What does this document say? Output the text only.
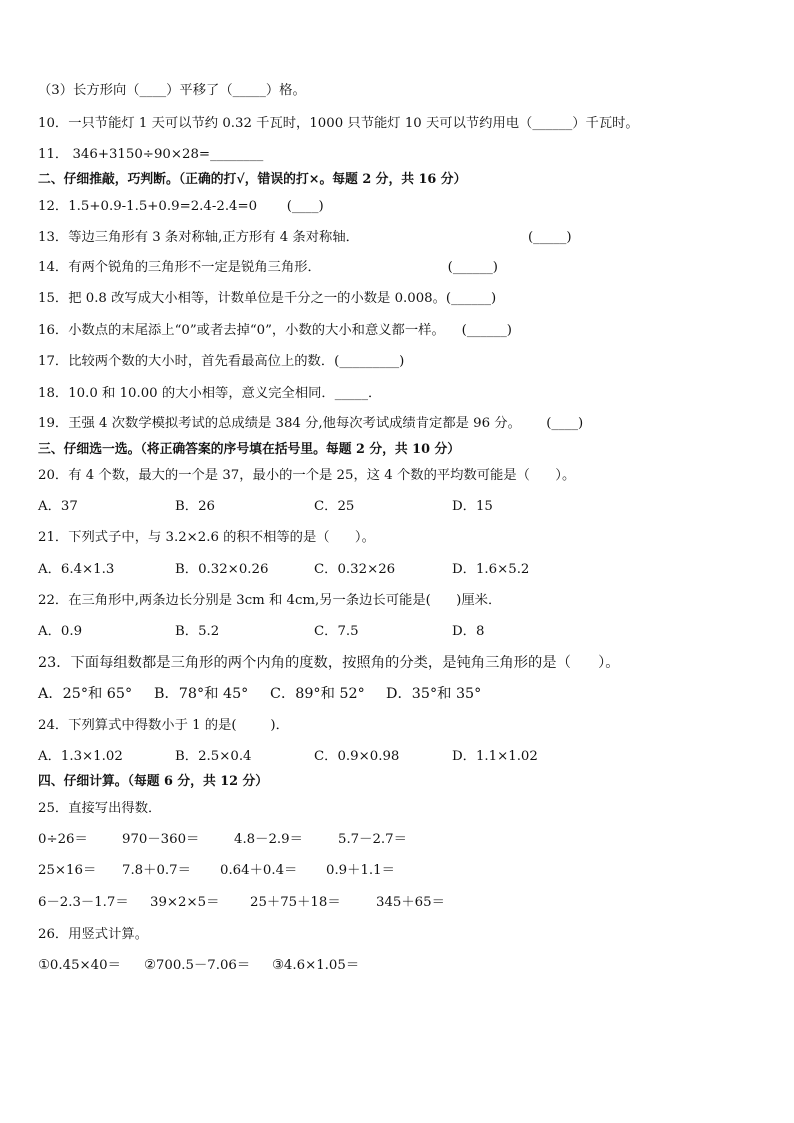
（3）长方形向（____）平移了（_____）格。
10．一只节能灯 1 天可以节约 0.32 千瓦时，1000 只节能灯 10 天可以节约用电（______）千瓦时。
11． 346+3150÷90×28=________
二、仔细推敲，巧判断。（正确的打√，错误的打×。每题 2 分，共 16 分）
12．1.5+0.9-1.5+0.9=2.4-2.4=0       (____)
13．等边三角形有 3 条对称轴,正方形有 4 条对称轴．                                        (_____)
14．有两个锐角的三角形不一定是锐角三角形．                              (______)
15．把 0.8 改写成大小相等，计数单位是千分之一的小数是 0.008。(______)
16．小数点的末尾添上“0”或者去掉“0”，小数的大小和意义都一样。    (______)
17．比较两个数的大小时，首先看最高位上的数．(_________)
18．10.0 和 10.00 的大小相等，意义完全相同．_____．
19．王强 4 次数学模拟考试的总成绩是 384 分,他每次考试成绩肯定都是 96 分。      (____)
三、仔细选一选。（将正确答案的序号填在括号里。每题 2 分，共 10 分）
20．有 4 个数，最大的一个是 37，最小的一个是 25，这 4 个数的平均数可能是（      ）。
A．37	B．26	C．25	D．15
21．下列式子中，与 3.2×2.6 的积不相等的是（      ）。
A．6.4×1.3	B．0.32×0.26	C．0.32×26	D．1.6×5.2
22．在三角形中,两条边长分别是 3cm 和 4cm,另一条边长可能是(      )厘米．
A．0.9	B．5.2	C．7.5	D．8
23．下面每组数都是三角形的两个内角的度数，按照角的分类，是钝角三角形的是（      ）。
A．25°和 65° B．78°和 45° C．89°和 52° D．35°和 35°
24．下列算式中得数小于 1 的是(        )．
A．1.3×1.02	B．2.5×0.4	C．0.9×0.98	D．1.1×1.02
四、仔细计算。（每题 6 分，共 12 分）
25．直接写出得数．
0÷26＝	970－360＝	4.8－2.9＝	5.7－2.7＝
25×16＝ 7.8＋0.7＝ 0.64＋0.4＝ 0.9＋1.1＝
6－2.3－1.7＝ 39×2×5＝ 25＋75＋18＝	345＋65＝
26．用竖式计算。
①0.45×40＝ ②700.5－7.06＝ ③4.6×1.05＝
